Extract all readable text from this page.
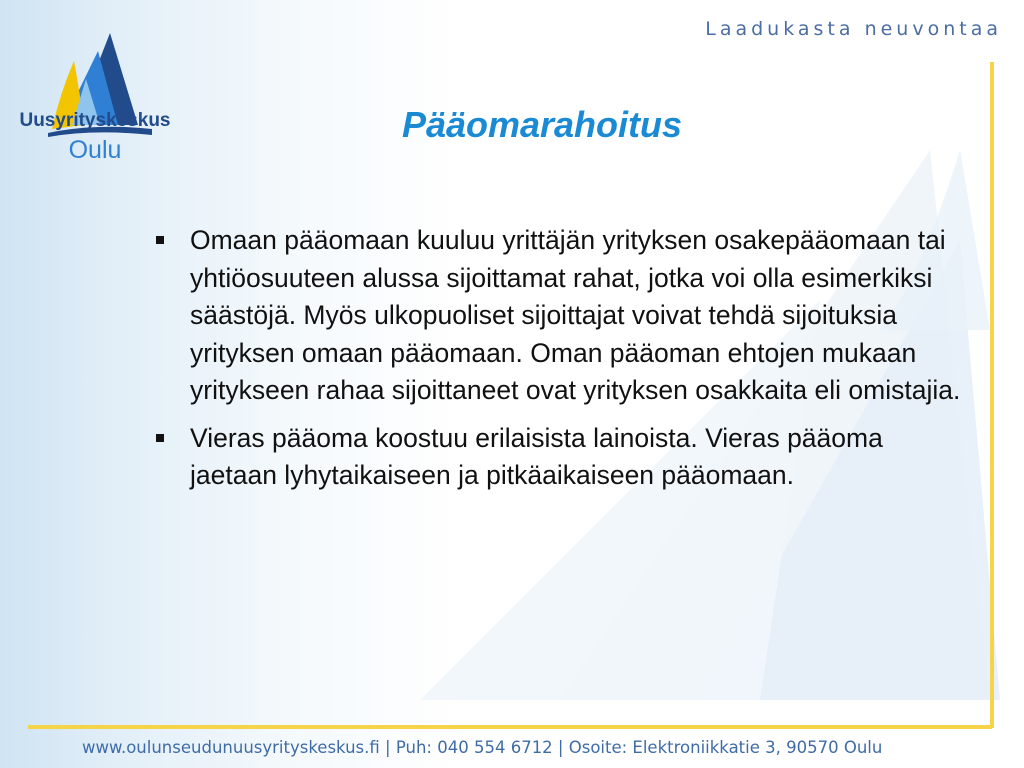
Laadukasta neuvontaa
Uusyrityskeskus
Oulu
Pääomarahoitus
Omaan pääomaan kuuluu yrittäjän yrityksen osakepääomaan tai yhtiöosuuteen alussa sijoittamat rahat, jotka voi olla esimerkiksi säästöjä. Myös ulkopuoliset sijoittajat voivat tehdä sijoituksia yrityksen omaan pääomaan. Oman pääoman ehtojen mukaan yritykseen rahaa sijoittaneet ovat yrityksen osakkaita eli omistajia.
Vieras pääoma koostuu erilaisista lainoista. Vieras pääoma jaetaan lyhytaikaiseen ja pitkäaikaiseen pääomaan.
www.oulunseudunuusyrityskeskus.fi | Puh: 040 554 6712 | Osoite: Elektroniikkatie 3, 90570 Oulu
